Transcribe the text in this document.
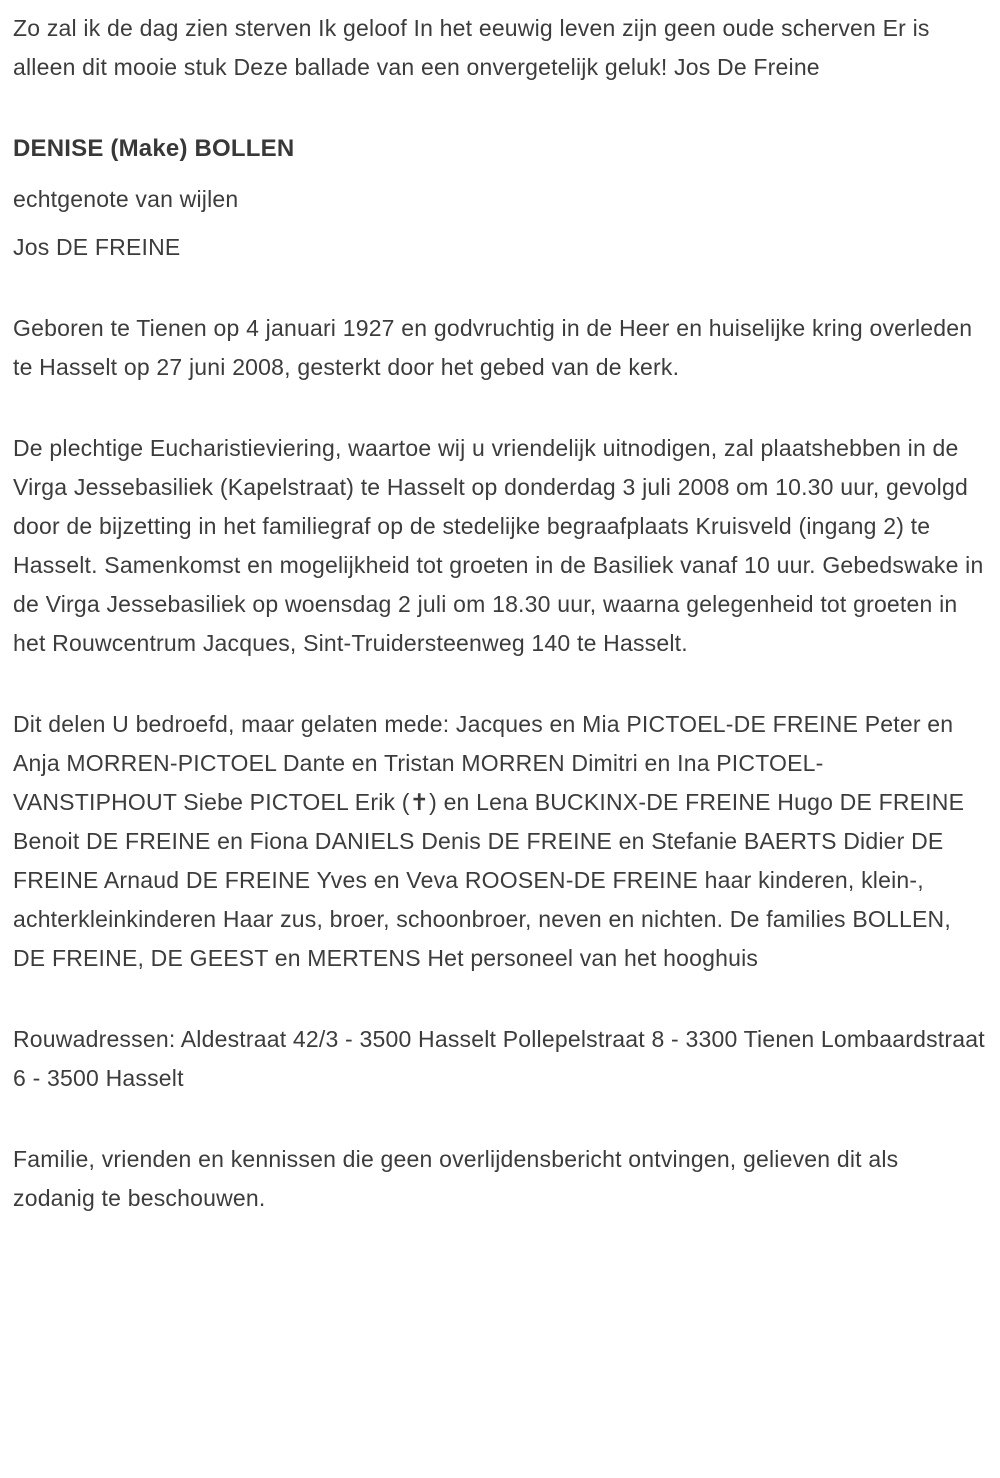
Zo zal ik de dag zien sterven Ik geloof In het eeuwig leven zijn geen oude scherven Er is alleen dit mooie stuk Deze ballade van een onvergetelijk geluk! Jos De Freine

DENISE (Make) BOLLEN

echtgenote van wijlen

Jos DE FREINE

Geboren te Tienen op 4 januari 1927 en godvruchtig in de Heer en huiselijke kring overleden te Hasselt op 27 juni 2008, gesterkt door het gebed van de kerk.

De plechtige Eucharistieviering, waartoe wij u vriendelijk uitnodigen, zal plaatshebben in de Virga Jessebasiliek (Kapelstraat) te Hasselt op donderdag 3 juli 2008 om 10.30 uur, gevolgd door de bijzetting in het familiegraf op de stedelijke begraafplaats Kruisveld (ingang 2) te Hasselt. Samenkomst en mogelijkheid tot groeten in de Basiliek vanaf 10 uur. Gebedswake in de Virga Jessebasiliek op woensdag 2 juli om 18.30 uur, waarna gelegenheid tot groeten in het Rouwcentrum Jacques, Sint-Truidersteenweg 140 te Hasselt.

Dit delen U bedroefd, maar gelaten mede: Jacques en Mia PICTOEL-DE FREINE Peter en Anja MORREN-PICTOEL Dante en Tristan MORREN Dimitri en Ina PICTOEL-VANSTIPHOUT Siebe PICTOEL Erik (✝) en Lena BUCKINX-DE FREINE Hugo DE FREINE Benoit DE FREINE en Fiona DANIELS Denis DE FREINE en Stefanie BAERTS Didier DE FREINE Arnaud DE FREINE Yves en Veva ROOSEN-DE FREINE haar kinderen, klein-, achterkleinkinderen Haar zus, broer, schoonbroer, neven en nichten. De families BOLLEN, DE FREINE, DE GEEST en MERTENS Het personeel van het hooghuis

Rouwadressen: Aldestraat 42/3 - 3500 Hasselt Pollepelstraat 8 - 3300 Tienen Lombaardstraat 6 - 3500 Hasselt

Familie, vrienden en kennissen die geen overlijdensbericht ontvingen, gelieven dit als zodanig te beschouwen.
